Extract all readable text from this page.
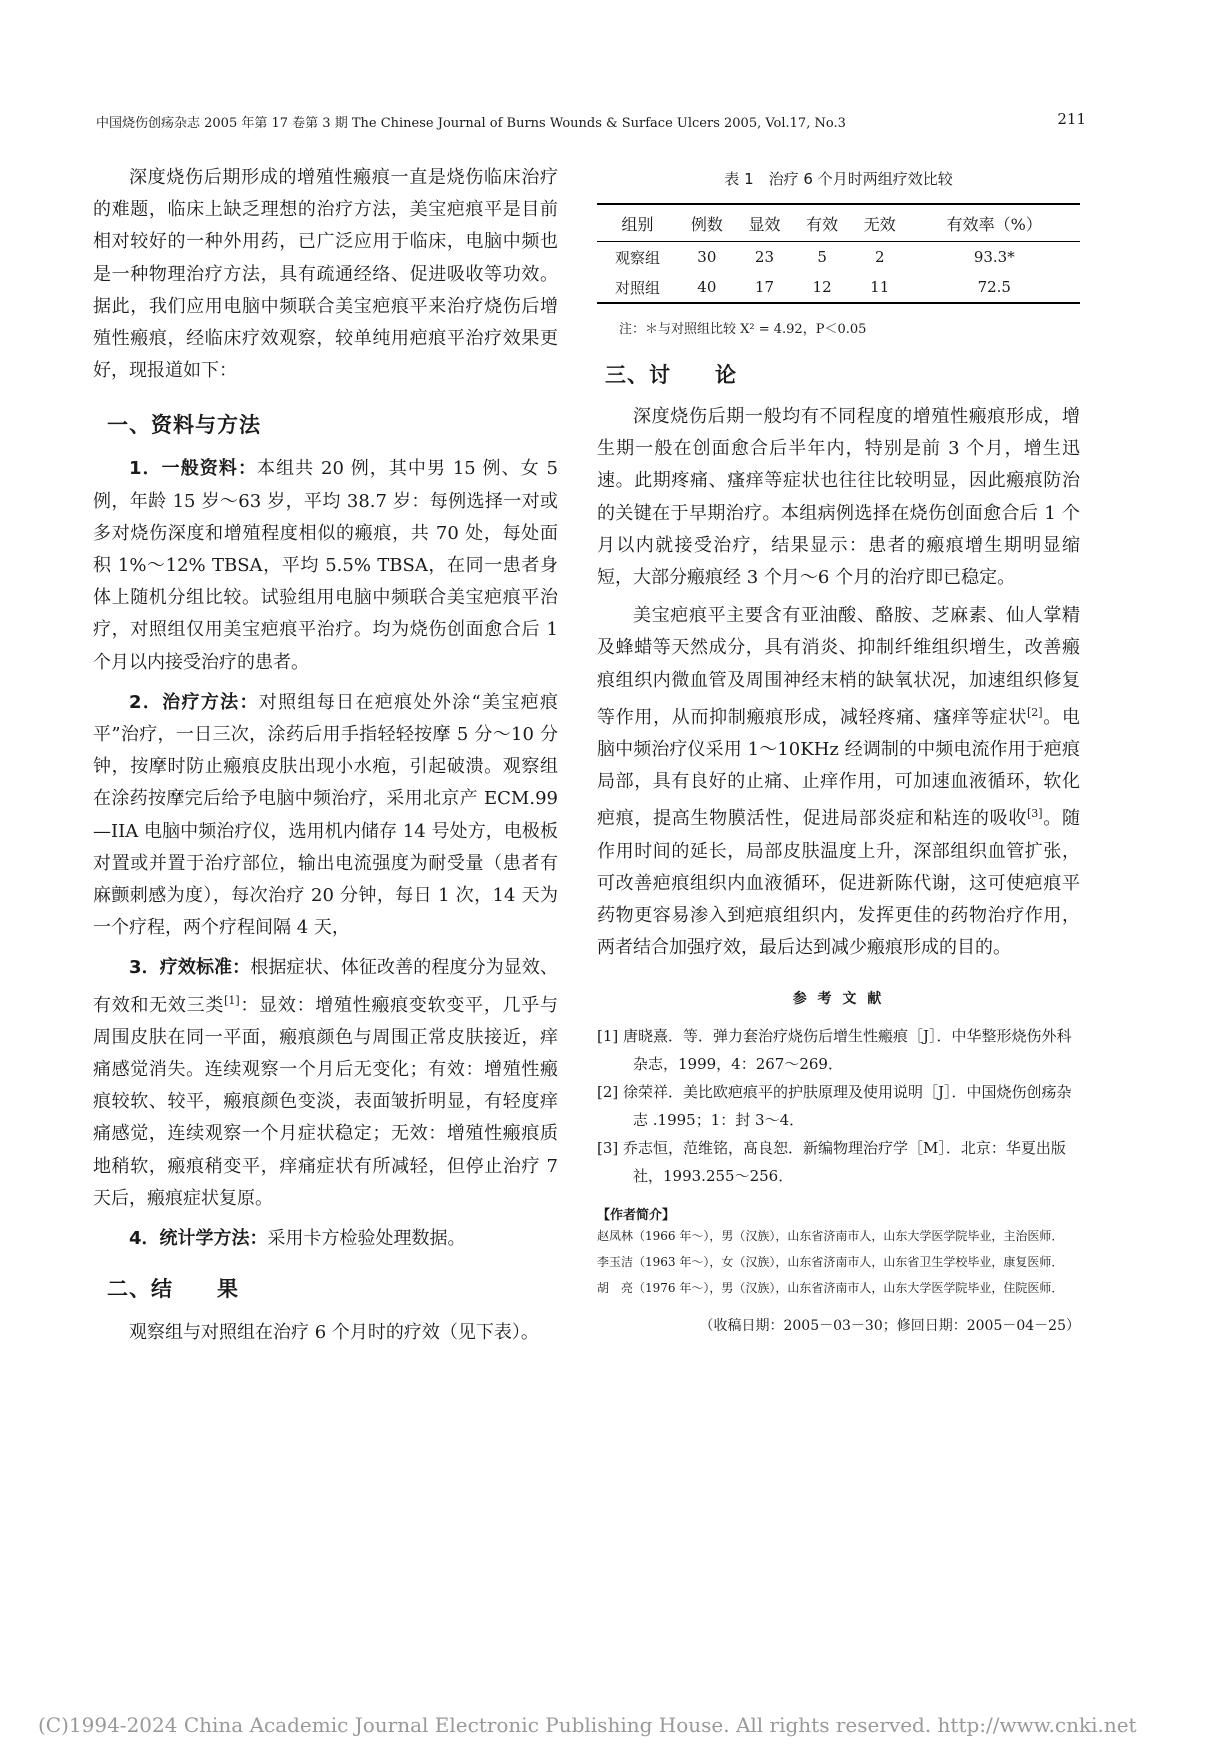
中国烧伤创疡杂志 2005 年第 17 卷第 3 期 The Chinese Journal of Burns Wounds & Surface Ulcers 2005, Vol.17, No.3	211

深度烧伤后期形成的增殖性瘢痕一直是烧伤临床治疗的难题，临床上缺乏理想的治疗方法，美宝疤痕平是目前相对较好的一种外用药，已广泛应用于临床，电脑中频也是一种物理治疗方法，具有疏通经络、促进吸收等功效。据此，我们应用电脑中频联合美宝疤痕平来治疗烧伤后增殖性瘢痕，经临床疗效观察，较单纯用疤痕平治疗效果更好，现报道如下：

一、资料与方法

1．一般资料：本组共 20 例，其中男 15 例、女 5 例，年龄 15 岁～63 岁，平均 38.7 岁：每例选择一对或多对烧伤深度和增殖程度相似的瘢痕，共 70 处，每处面积 1%～12% TBSA，平均 5.5% TBSA，在同一患者身体上随机分组比较。试验组用电脑中频联合美宝疤痕平治疗，对照组仅用美宝疤痕平治疗。均为烧伤创面愈合后 1 个月以内接受治疗的患者。

2．治疗方法：对照组每日在疤痕处外涂“美宝疤痕平”治疗，一日三次，涂药后用手指轻轻按摩 5 分～10 分钟，按摩时防止瘢痕皮肤出现小水疱，引起破溃。观察组在涂药按摩完后给予电脑中频治疗，采用北京产 ECM.99—IIA 电脑中频治疗仪，选用机内储存 14 号处方，电极板对置或并置于治疗部位，输出电流强度为耐受量（患者有麻颤刺感为度），每次治疗 20 分钟，每日 1 次，14 天为一个疗程，两个疗程间隔 4 天，

3．疗效标准：根据症状、体征改善的程度分为显效、有效和无效三类[1]：显效：增殖性瘢痕变软变平，几乎与周围皮肤在同一平面，瘢痕颜色与周围正常皮肤接近，痒痛感觉消失。连续观察一个月后无变化；有效：增殖性瘢痕较软、较平，瘢痕颜色变淡，表面皱折明显，有轻度痒痛感觉，连续观察一个月症状稳定；无效：增殖性瘢痕质地稍软，瘢痕稍变平，痒痛症状有所减轻，但停止治疗 7 天后，瘢痕症状复原。

4．统计学方法：采用卡方检验处理数据。

二、结　　果

观察组与对照组在治疗 6 个月时的疗效（见下表）。

表 1　治疗 6 个月时两组疗效比较
组别	例数	显效	有效	无效	有效率（%）
观察组	30	23	5	2	93.3*
对照组	40	17	12	11	72.5
注：＊与对照组比较 X² = 4.92，P＜0.05
三、讨　　论

深度烧伤后期一般均有不同程度的增殖性瘢痕形成，增生期一般在创面愈合后半年内，特别是前 3 个月，增生迅速。此期疼痛、瘙痒等症状也往往比较明显，因此瘢痕防治的关键在于早期治疗。本组病例选择在烧伤创面愈合后 1 个月以内就接受治疗，结果显示：患者的瘢痕增生期明显缩短，大部分瘢痕经 3 个月～6 个月的治疗即已稳定。

美宝疤痕平主要含有亚油酸、酪胺、芝麻素、仙人掌精及蜂蜡等天然成分，具有消炎、抑制纤维组织增生，改善瘢痕组织内微血管及周围神经末梢的缺氧状况，加速组织修复等作用，从而抑制瘢痕形成，减轻疼痛、瘙痒等症状[2]。电脑中频治疗仪采用 1～10KHz 经调制的中频电流作用于疤痕局部，具有良好的止痛、止痒作用，可加速血液循环，软化疤痕，提高生物膜活性，促进局部炎症和粘连的吸收[3]。随作用时间的延长，局部皮肤温度上升，深部组织血管扩张，可改善疤痕组织内血液循环，促进新陈代谢，这可使疤痕平药物更容易渗入到疤痕组织内，发挥更佳的药物治疗作用，两者结合加强疗效，最后达到减少瘢痕形成的目的。

参 考 文 献

[1] 唐晓熹．等．弹力套治疗烧伤后增生性瘢痕［J］．中华整形烧伤外科杂志，1999，4：267～269．

[2] 徐荣祥．美比欧疤痕平的护肤原理及使用说明［J］．中国烧伤创疡杂志 .1995；1：封 3～4．

[3] 乔志恒，范维铭，髙良恕．新编物理治疗学［M］．北京：华夏出版社，1993.255～256．

【作者简介】

赵凤林（1966 年～），男（汉族），山东省济南市人，山东大学医学院毕业，主治医师．

李玉洁（1963 年～），女（汉族），山东省济南市人，山东省卫生学校毕业，康复医师．

胡　亮（1976 年～），男（汉族），山东省济南市人，山东大学医学院毕业，住院医师．

（收稿日期：2005－03－30；修回日期：2005－04－25）

(C)1994-2024 China Academic Journal Electronic Publishing House. All rights reserved. http://www.cnki.net
